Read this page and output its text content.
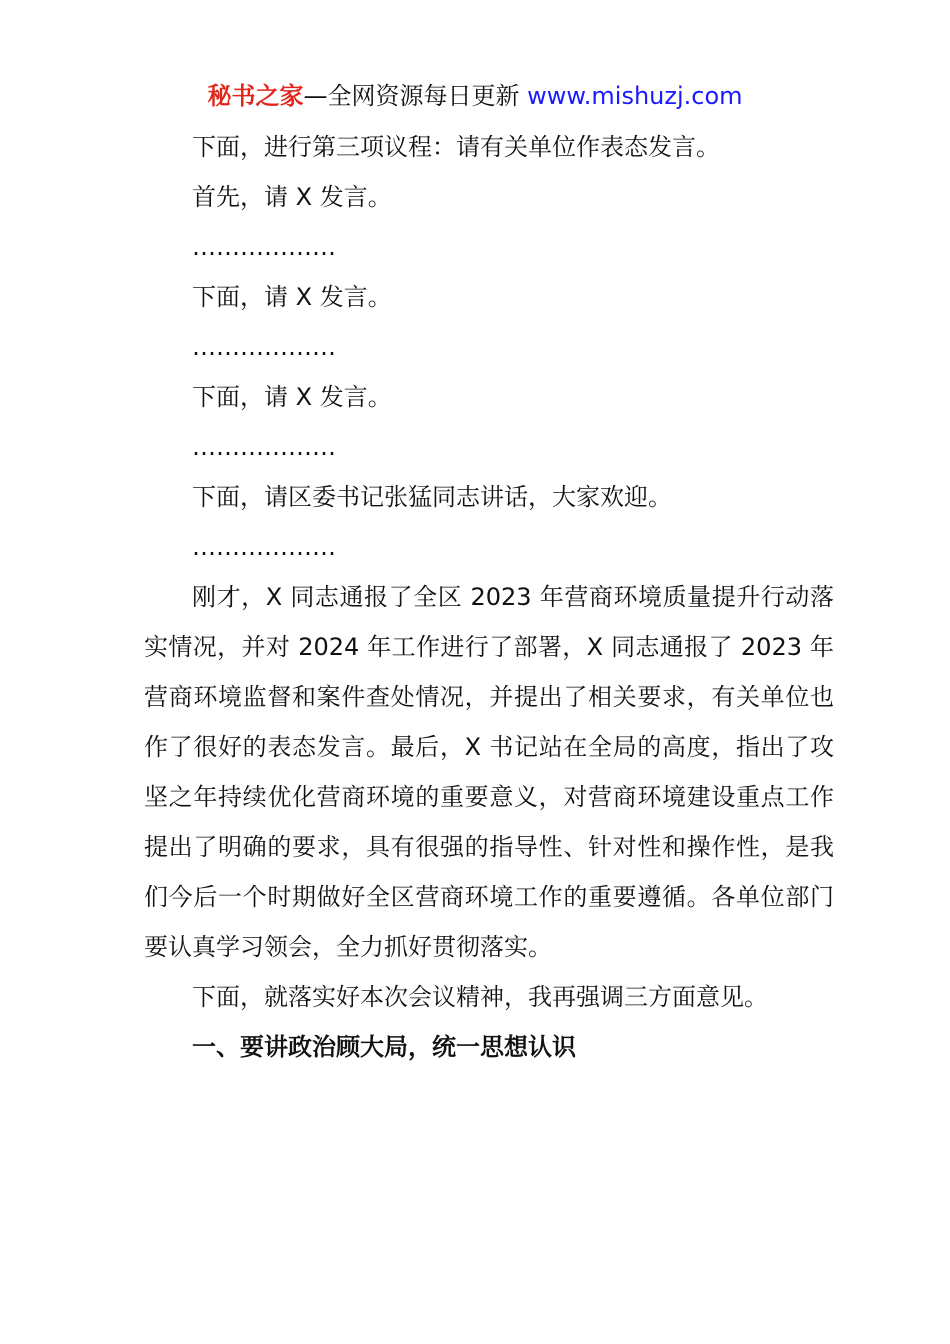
秘书之家—全网资源每日更新 www.mishuzj.com

下面，进行第三项议程：请有关单位作表态发言。

首先，请 X 发言。

………………

下面，请 X 发言。

………………

下面，请 X 发言。

………………

下面，请区委书记张猛同志讲话，大家欢迎。

………………

刚才，X 同志通报了全区 2023 年营商环境质量提升行动落实情况，并对 2024 年工作进行了部署，X 同志通报了 2023 年营商环境监督和案件查处情况，并提出了相关要求，有关单位也作了很好的表态发言。最后，X 书记站在全局的高度，指出了攻坚之年持续优化营商环境的重要意义，对营商环境建设重点工作提出了明确的要求，具有很强的指导性、针对性和操作性，是我们今后一个时期做好全区营商环境工作的重要遵循。各单位部门要认真学习领会，全力抓好贯彻落实。

下面，就落实好本次会议精神，我再强调三方面意见。

一、要讲政治顾大局，统一思想认识
